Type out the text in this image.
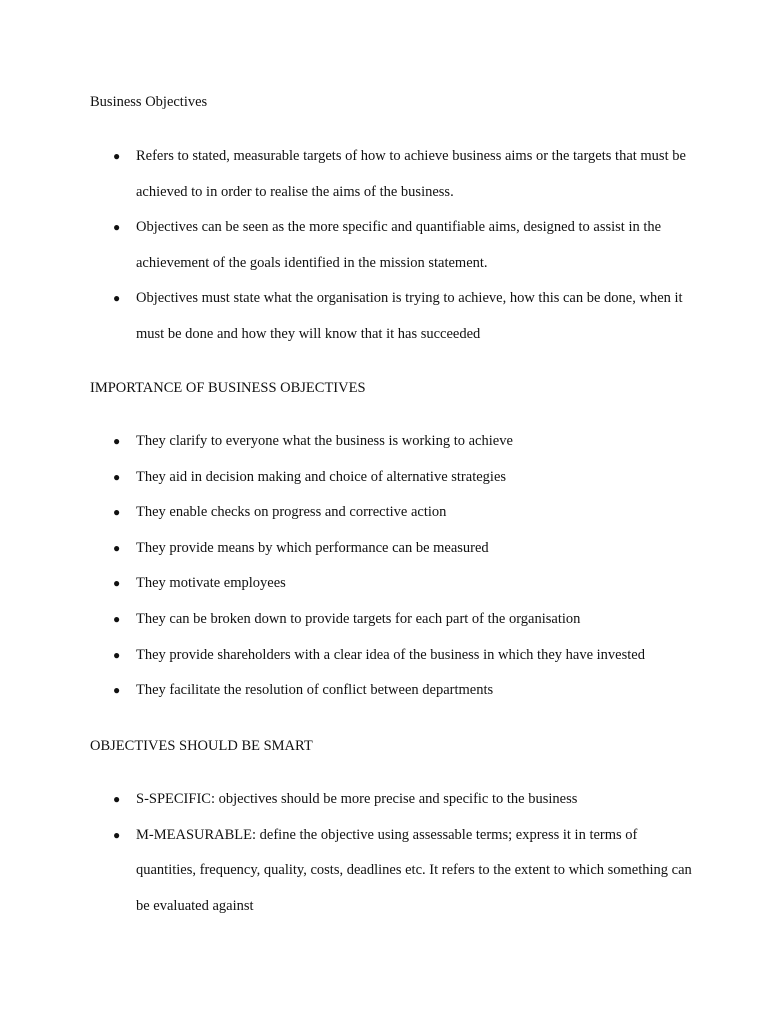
Business Objectives
● Refers to stated, measurable targets of how to achieve business aims or the targets that must be achieved to in order to realise the aims of the business.
● Objectives can be seen as the more specific and quantifiable aims, designed to assist in the achievement of the goals identified in the mission statement.
● Objectives must state what the organisation is trying to achieve, how this can be done, when it must be done and how they will know that it has succeeded
IMPORTANCE OF BUSINESS OBJECTIVES
● They clarify to everyone what the business is working to achieve
● They aid in decision making and choice of alternative strategies
● They enable checks on progress and corrective action
● They provide means by which performance can be measured
● They motivate employees
● They can be broken down to provide targets for each part of the organisation
● They provide shareholders with a clear idea of the business in which they have invested
● They facilitate the resolution of conflict between departments
OBJECTIVES SHOULD BE SMART
● S-SPECIFIC: objectives should be more precise and specific to the business
● M-MEASURABLE: define the objective using assessable terms; express it in terms of quantities, frequency, quality, costs, deadlines etc. It refers to the extent to which something can be evaluated against
